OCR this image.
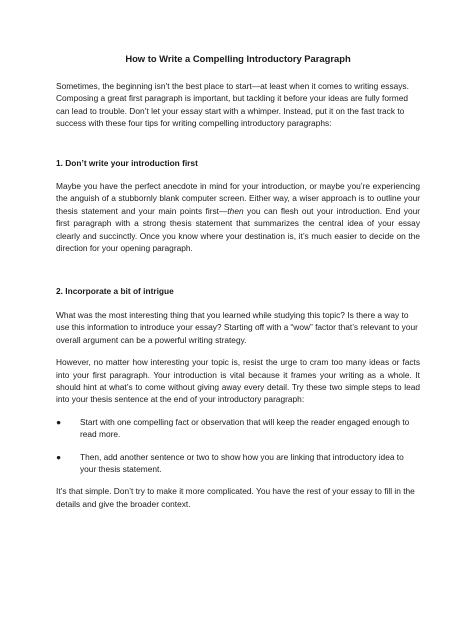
How to Write a Compelling Introductory Paragraph

Sometimes, the beginning isn’t the best place to start—at least when it comes to writing essays. Composing a great first paragraph is important, but tackling it before your ideas are fully formed can lead to trouble. Don’t let your essay start with a whimper. Instead, put it on the fast track to success with these four tips for writing compelling introductory paragraphs:

1. Don’t write your introduction first

Maybe you have the perfect anecdote in mind for your introduction, or maybe you’re experiencing the anguish of a stubbornly blank computer screen. Either way, a wiser approach is to outline your thesis statement and your main points first—then you can flesh out your introduction. End your first paragraph with a strong thesis statement that summarizes the central idea of your essay clearly and succinctly. Once you know where your destination is, it’s much easier to decide on the direction for your opening paragraph.

2. Incorporate a bit of intrigue

What was the most interesting thing that you learned while studying this topic? Is there a way to use this information to introduce your essay? Starting off with a “wow” factor that’s relevant to your overall argument can be a powerful writing strategy.

However, no matter how interesting your topic is, resist the urge to cram too many ideas or facts into your first paragraph. Your introduction is vital because it frames your writing as a whole. It should hint at what’s to come without giving away every detail. Try these two simple steps to lead into your thesis sentence at the end of your introductory paragraph:

●	Start with one compelling fact or observation that will keep the reader engaged enough to read more.
●	Then, add another sentence or two to show how you are linking that introductory idea to your thesis statement.

It’s that simple. Don’t try to make it more complicated. You have the rest of your essay to fill in the details and give the broader context.
